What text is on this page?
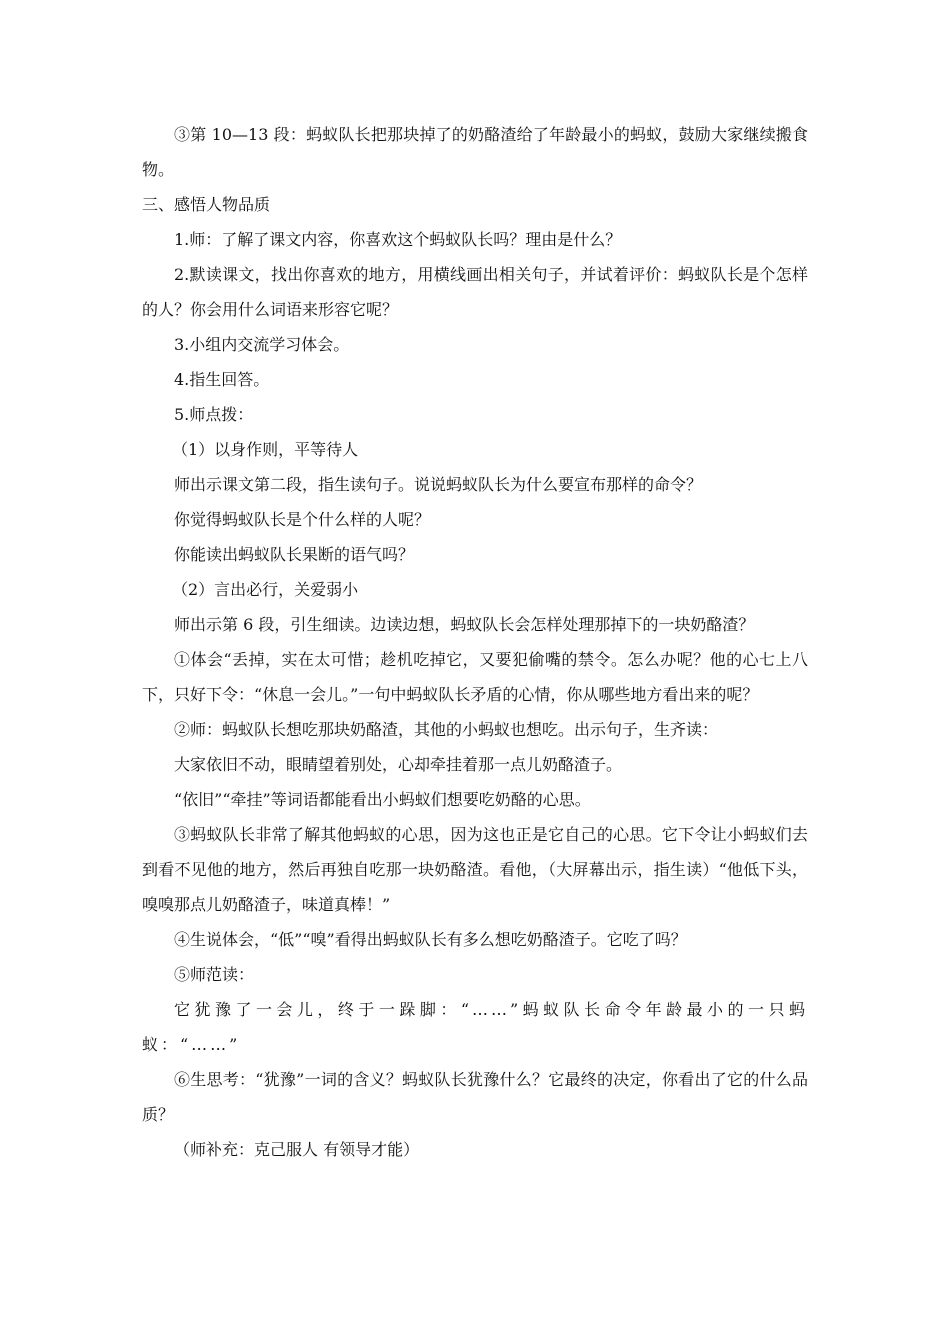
③第 10—13 段：蚂蚁队长把那块掉了的奶酪渣给了年龄最小的蚂蚁，鼓励大家继续搬食物。

三、感悟人物品质

1.师：了解了课文内容，你喜欢这个蚂蚁队长吗？理由是什么？

2.默读课文，找出你喜欢的地方，用横线画出相关句子，并试着评价：蚂蚁队长是个怎样的人？你会用什么词语来形容它呢？

3.小组内交流学习体会。

4.指生回答。

5.师点拨：

（1）以身作则，平等待人

师出示课文第二段，指生读句子。说说蚂蚁队长为什么要宣布那样的命令？

你觉得蚂蚁队长是个什么样的人呢？

你能读出蚂蚁队长果断的语气吗？

（2）言出必行，关爱弱小

师出示第 6 段，引生细读。边读边想，蚂蚁队长会怎样处理那掉下的一块奶酪渣？

①体会“丢掉，实在太可惜；趁机吃掉它，又要犯偷嘴的禁令。怎么办呢？他的心七上八下，只好下令：“休息一会儿。”一句中蚂蚁队长矛盾的心情，你从哪些地方看出来的呢？

②师：蚂蚁队长想吃那块奶酪渣，其他的小蚂蚁也想吃。出示句子，生齐读：

大家依旧不动，眼睛望着别处，心却牵挂着那一点儿奶酪渣子。

“依旧”“牵挂”等词语都能看出小蚂蚁们想要吃奶酪的心思。

③蚂蚁队长非常了解其他蚂蚁的心思，因为这也正是它自己的心思。它下令让小蚂蚁们去到看不见他的地方，然后再独自吃那一块奶酪渣。看他，（大屏幕出示，指生读）“他低下头，嗅嗅那点儿奶酪渣子，味道真棒！”

④生说体会，“低”“嗅”看得出蚂蚁队长有多么想吃奶酪渣子。它吃了吗？

⑤师范读：

它犹豫了一会儿，终于一跺脚：“……”蚂蚁队长命令年龄最小的一只蚂蚁：“……”

⑥生思考：“犹豫”一词的含义？蚂蚁队长犹豫什么？它最终的决定，你看出了它的什么品质？

（师补充：克己服人 有领导才能）
